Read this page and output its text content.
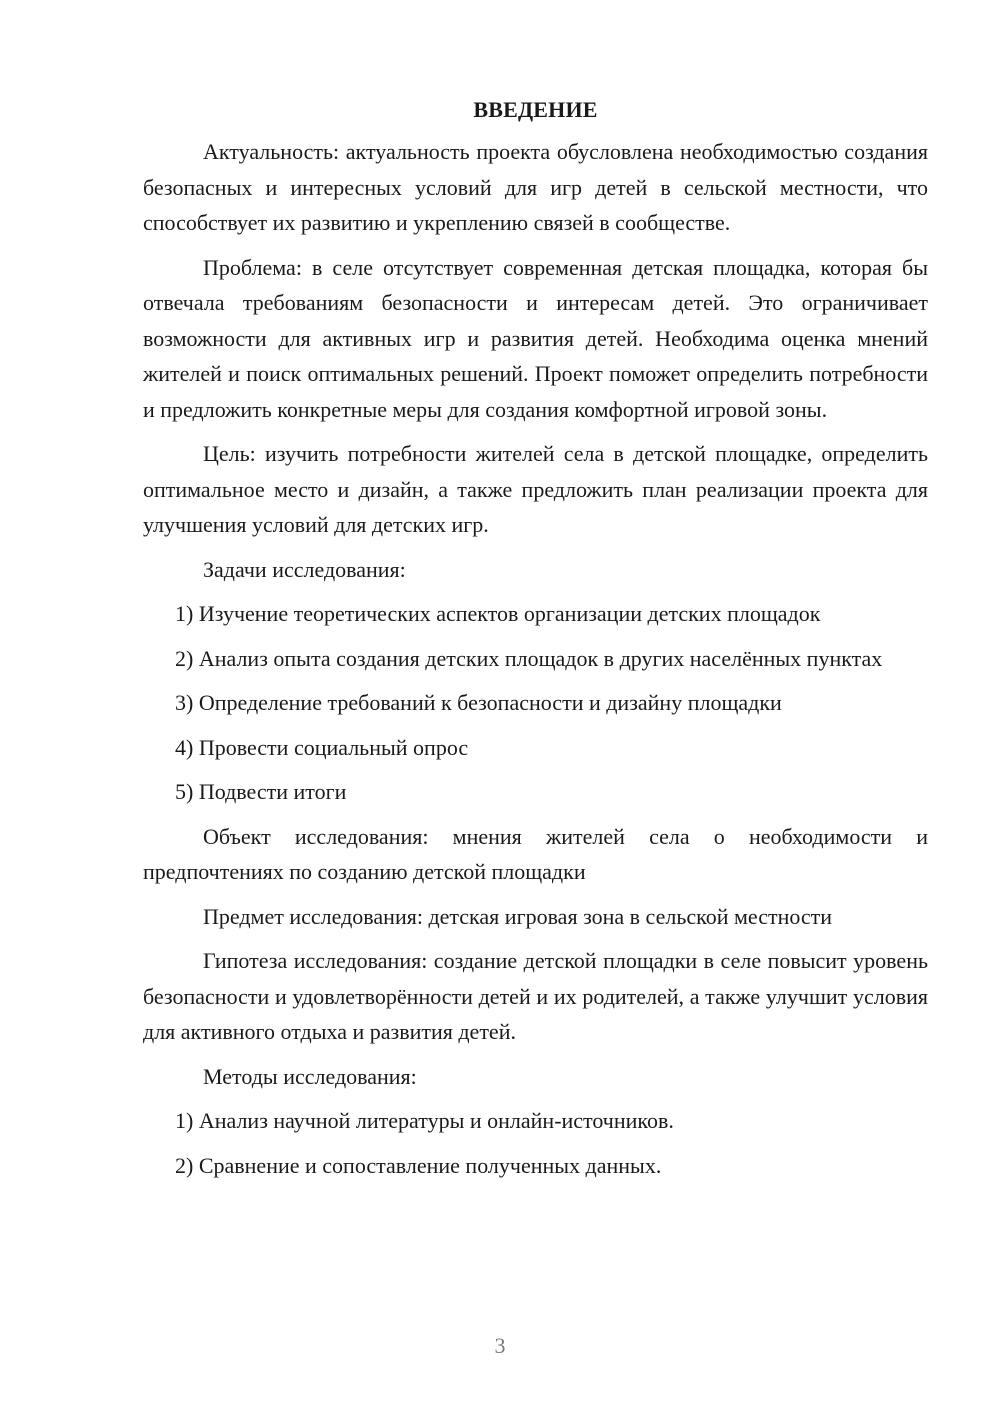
ВВЕДЕНИЕ

Актуальность: актуальность проекта обусловлена необходимостью создания безопасных и интересных условий для игр детей в сельской местности, что способствует их развитию и укреплению связей в сообществе.

Проблема: в селе отсутствует современная детская площадка, которая бы отвечала требованиям безопасности и интересам детей. Это ограничивает возможности для активных игр и развития детей. Необходима оценка мнений жителей и поиск оптимальных решений. Проект поможет определить потребности и предложить конкретные меры для создания комфортной игровой зоны.

Цель: изучить потребности жителей села в детской площадке, определить оптимальное место и дизайн, а также предложить план реализации проекта для улучшения условий для детских игр.

Задачи исследования:

1) Изучение теоретических аспектов организации детских площадок

2) Анализ опыта создания детских площадок в других населённых пунктах

3) Определение требований к безопасности и дизайну площадки

4) Провести социальный опрос

5) Подвести итоги

Объект исследования: мнения жителей села о необходимости и предпочтениях по созданию детской площадки

Предмет исследования: детская игровая зона в сельской местности

Гипотеза исследования: создание детской площадки в селе повысит уровень безопасности и удовлетворённости детей и их родителей, а также улучшит условия для активного отдыха и развития детей.

Методы исследования:

1) Анализ научной литературы и онлайн-источников.

2) Сравнение и сопоставление полученных данных.

3
